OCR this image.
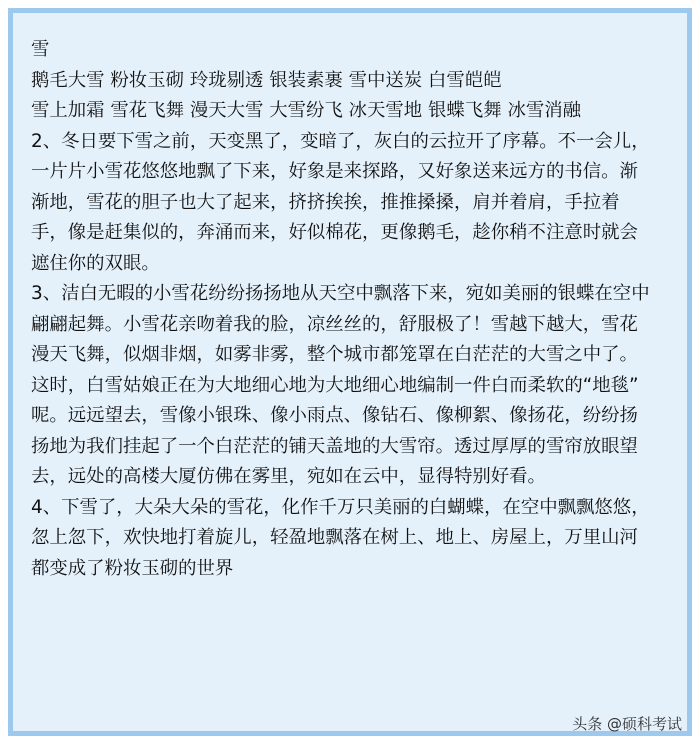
雪
鹅毛大雪 粉妆玉砌 玲珑剔透 银装素裹 雪中送炭 白雪皑皑
雪上加霜 雪花飞舞 漫天大雪 大雪纷飞 冰天雪地 银蝶飞舞 冰雪消融
2、冬日要下雪之前，天变黑了，变暗了，灰白的云拉开了序幕。不一会儿，
一片片小雪花悠悠地飘了下来，好象是来探路，又好象送来远方的书信。渐
渐地，雪花的胆子也大了起来，挤挤挨挨，推推搡搡，肩并着肩，手拉着
手，像是赶集似的，奔涌而来，好似棉花，更像鹅毛，趁你稍不注意时就会
遮住你的双眼。
3、洁白无暇的小雪花纷纷扬扬地从天空中飘落下来，宛如美丽的银蝶在空中
翩翩起舞。小雪花亲吻着我的脸，凉丝丝的，舒服极了！雪越下越大，雪花
漫天飞舞，似烟非烟，如雾非雾，整个城市都笼罩在白茫茫的大雪之中了。
这时，白雪姑娘正在为大地细心地为大地细心地编制一件白而柔软的“地毯”
呢。远远望去，雪像小银珠、像小雨点、像钻石、像柳絮、像扬花，纷纷扬
扬地为我们挂起了一个白茫茫的铺天盖地的大雪帘。透过厚厚的雪帘放眼望
去，远处的高楼大厦仿佛在雾里，宛如在云中，显得特别好看。
4、下雪了，大朵大朵的雪花，化作千万只美丽的白蝴蝶，在空中飘飘悠悠，
忽上忽下，欢快地打着旋儿，轻盈地飘落在树上、地上、房屋上，万里山河
都变成了粉妆玉砌的世界
头条 @硕科考试
